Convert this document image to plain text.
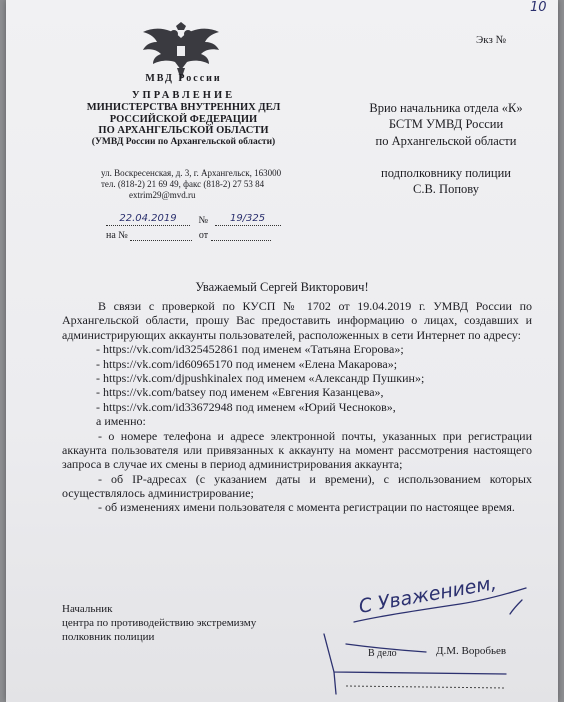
10
Экз №
МВД России
УПРАВЛЕНИЕ
МИНИСТЕРСТВА ВНУТРЕННИХ ДЕЛ
РОССИЙСКОЙ ФЕДЕРАЦИИ
ПО АРХАНГЕЛЬСКОЙ ОБЛАСТИ
(УМВД России по Архангельской области)
ул. Воскресенская, д. 3, г. Архангельск, 163000
тел. (818-2) 21 69 49, факс (818-2) 27 53 84
extrim29@mvd.ru
22.04.2019 № 19/325
на №	от
Врио начальника отдела «К»
БСТМ УМВД России
по Архангельской области
подполковнику полиции
С.В. Попову
Уважаемый Сергей Викторович!

В связи с проверкой по КУСП № 1702 от 19.04.2019 г. УМВД России по Архангельской области, прошу Вас предоставить информацию о лицах, создавших и администрирующих аккаунты пользователей, расположенных в сети Интернет по адресу:

- https://vk.com/id325452861 под именем «Татьяна Егорова»;
- https://vk.com/id60965170 под именем «Елена Макарова»;
- https://vk.com/djpushkinalex под именем «Александр Пушкин»;
- https://vk.com/batsey под именем «Евгения Казанцева»,
- https://vk.com/id33672948 под именем «Юрий Чесноков»,

а именно:

- о номере телефона и адресе электронной почты, указанных при регистрации аккаунта пользователя или привязанных к аккаунту на момент рассмотрения настоящего запроса в случае их смены в период администрирования аккаунта;

- об IP-адресах (с указанием даты и времени), с использованием которых осуществлялось администрирование;

- об изменениях имени пользователя с момента регистрации по настоящее время.

С Уважением,
Начальник
центра по противодействию экстремизму
полковник полиции
Д.М. Воробьев
В дело
